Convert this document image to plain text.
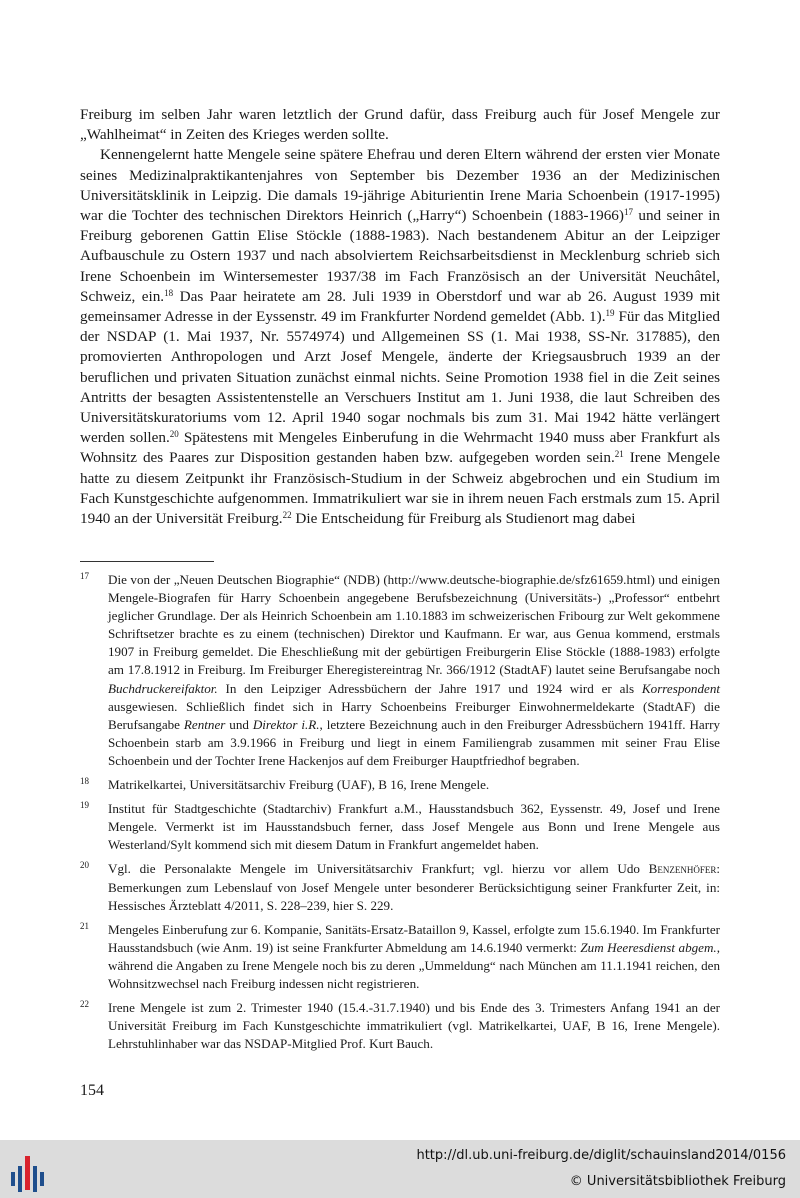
Freiburg im selben Jahr waren letztlich der Grund dafür, dass Freiburg auch für Josef Mengele zur „Wahlheimat“ in Zeiten des Krieges werden sollte.

Kennengelernt hatte Mengele seine spätere Ehefrau und deren Eltern während der ersten vier Monate seines Medizinalpraktikantenjahres von September bis Dezember 1936 an der Medizinischen Universitätsklinik in Leipzig. Die damals 19-jährige Abiturientin Irene Maria Schoenbein (1917-1995) war die Tochter des technischen Direktors Heinrich („Harry“) Schoenbein (1883-1966)$^{17}$ und seiner in Freiburg geborenen Gattin Elise Stöckle (1888-1983). Nach bestandenem Abitur an der Leipziger Aufbauschule zu Ostern 1937 und nach absolviertem Reichsarbeitsdienst in Mecklenburg schrieb sich Irene Schoenbein im Wintersemester 1937/38 im Fach Französisch an der Universität Neuchâtel, Schweiz, ein.$^{18}$ Das Paar heiratete am 28. Juli 1939 in Oberstdorf und war ab 26. August 1939 mit gemeinsamer Adresse in der Eyssenstr. 49 im Frankfurter Nordend gemeldet (Abb. 1).$^{19}$ Für das Mitglied der NSDAP (1. Mai 1937, Nr. 5574974) und Allgemeinen SS (1. Mai 1938, SS-Nr. 317885), den promovierten Anthropologen und Arzt Josef Mengele, änderte der Kriegsausbruch 1939 an der beruflichen und privaten Situation zunächst einmal nichts. Seine Promotion 1938 fiel in die Zeit seines Antritts der besagten Assistentenstelle an Verschuers Institut am 1. Juni 1938, die laut Schreiben des Universitätskuratoriums vom 12. April 1940 sogar nochmals bis zum 31. Mai 1942 hätte verlängert werden sollen.$^{20}$ Spätestens mit Mengeles Einberufung in die Wehrmacht 1940 muss aber Frankfurt als Wohnsitz des Paares zur Disposition gestanden haben bzw. aufgegeben worden sein.$^{21}$ Irene Mengele hatte zu diesem Zeitpunkt ihr Französisch-Studium in der Schweiz abgebrochen und ein Studium im Fach Kunstgeschichte aufgenommen. Immatrikuliert war sie in ihrem neuen Fach erstmals zum 15. April 1940 an der Universität Freiburg.$^{22}$ Die Entscheidung für Freiburg als Studienort mag dabei

17 Die von der „Neuen Deutschen Biographie“ (NDB) (http://www.deutsche-biographie.de/sfz61659.html) und einigen Mengele-Biografen für Harry Schoenbein angegebene Berufsbezeichnung (Universitäts-) „Professor“ entbehrt jeglicher Grundlage. Der als Heinrich Schoenbein am 1.10.1883 im schweizerischen Fribourg zur Welt gekommene Schriftsetzer brachte es zu einem (technischen) Direktor und Kaufmann. Er war, aus Genua kommend, erstmals 1907 in Freiburg gemeldet. Die Eheschließung mit der gebürtigen Freiburgerin Elise Stöckle (1888-1983) erfolgte am 17.8.1912 in Freiburg. Im Freiburger Eheregistereintrag Nr. 366/1912 (StadtAF) lautet seine Berufsangabe noch Buchdruckereifaktor. In den Leipziger Adressbüchern der Jahre 1917 und 1924 wird er als Korrespondent ausgewiesen. Schließlich findet sich in Harry Schoenbeins Freiburger Einwohnermeldekarte (StadtAF) die Berufsangabe Rentner und Direktor i.R., letztere Bezeichnung auch in den Freiburger Adressbüchern 1941ff. Harry Schoenbein starb am 3.9.1966 in Freiburg und liegt in einem Familiengrab zusammen mit seiner Frau Elise Schoenbein und der Tochter Irene Hackenjos auf dem Freiburger Hauptfriedhof begraben.

18 Matrikelkartei, Universitätsarchiv Freiburg (UAF), B 16, Irene Mengele.

19 Institut für Stadtgeschichte (Stadtarchiv) Frankfurt a.M., Hausstandsbuch 362, Eyssenstr. 49, Josef und Irene Mengele. Vermerkt ist im Hausstandsbuch ferner, dass Josef Mengele aus Bonn und Irene Mengele aus Westerland/Sylt kommend sich mit diesem Datum in Frankfurt angemeldet haben.

20 Vgl. die Personalakte Mengele im Universitätsarchiv Frankfurt; vgl. hierzu vor allem Udo Benzenhöfer: Bemerkungen zum Lebenslauf von Josef Mengele unter besonderer Berücksichtigung seiner Frankfurter Zeit, in: Hessisches Ärzteblatt 4/2011, S. 228–239, hier S. 229.

21 Mengeles Einberufung zur 6. Kompanie, Sanitäts-Ersatz-Bataillon 9, Kassel, erfolgte zum 15.6.1940. Im Frankfurter Hausstandsbuch (wie Anm. 19) ist seine Frankfurter Abmeldung am 14.6.1940 vermerkt: Zum Heeresdienst abgem., während die Angaben zu Irene Mengele noch bis zu deren „Ummeldung“ nach München am 11.1.1941 reichen, den Wohnsitzwechsel nach Freiburg indessen nicht registrieren.

22 Irene Mengele ist zum 2. Trimester 1940 (15.4.-31.7.1940) und bis Ende des 3. Trimesters Anfang 1941 an der Universität Freiburg im Fach Kunstgeschichte immatrikuliert (vgl. Matrikelkartei, UAF, B 16, Irene Mengele). Lehrstuhlinhaber war das NSDAP-Mitglied Prof. Kurt Bauch.

154
http://dl.ub.uni-freiburg.de/diglit/schauinsland2014/0156
© Universitätsbibliothek Freiburg
